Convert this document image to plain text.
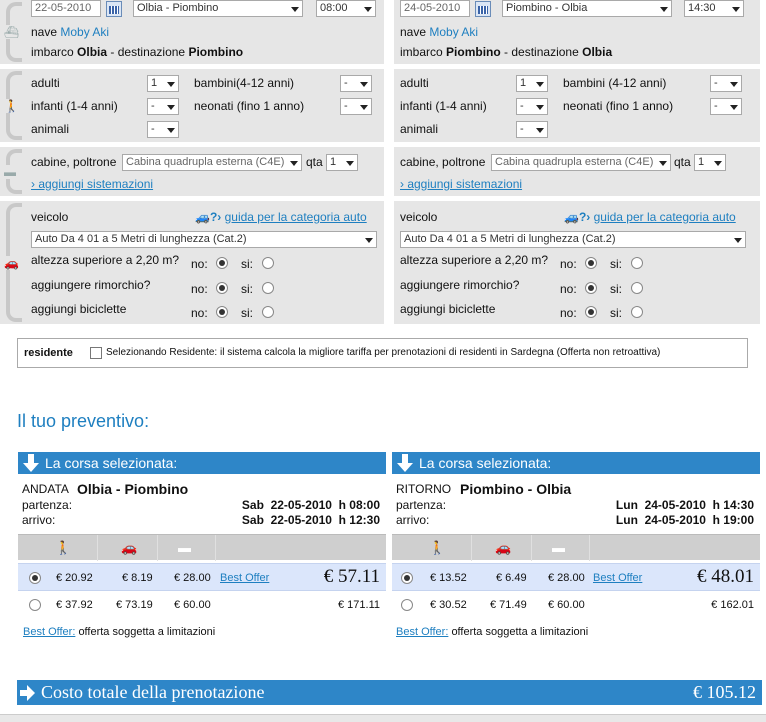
⛴
22-05-2010	Olbia - Piombino	08:00
nave Moby Aki
imbarco Olbia - destinazione Piombino
🚶
adulti	1	bambini(4-12 anni)	-
infanti (1-4 anni)	-	neonati (fino 1 anno)	-
animali	-
▬
cabine, poltrone Cabina quadrupla esterna (C4E)	qta 1
› aggiungi sistemazioni
🚗
veicolo	🚙?› guida per la categoria auto
Auto Da 4 01 a 5 Metri di lunghezza (Cat.2)
altezza superiore a 2,20 m? no:	si:
aggiungere rimorchio?	no:	si:
aggiungi biciclette	no:	si:
24-05-2010	Piombino - Olbia	14:30
nave Moby Aki
imbarco Piombino - destinazione Olbia
adulti	1	bambini (4-12 anni)	-
infanti (1-4 anni)	-	neonati (fino 1 anno)	-
animali	-
cabine, poltrone Cabina quadrupla esterna (C4E)	qta 1
› aggiungi sistemazioni
veicolo	🚙?› guida per la categoria auto
Auto Da 4 01 a 5 Metri di lunghezza (Cat.2)
altezza superiore a 2,20 m? no:	si:
aggiungere rimorchio?	no:	si:
aggiungi biciclette	no:	si:
residente	Selezionando Residente: il sistema calcola la migliore tariffa per prenotazioni di residenti in Sardegna (Offerta non retroattiva)
Il tuo preventivo:
La corsa selezionata:
ANDATA Olbia - Piombino
partenza:	Sab  22-05-2010  h 08:00
arrivo:	Sab  22-05-2010  h 12:30
🚶	🚗	▬
€ 20.92	€ 8.19 € 28.00 Best Offer	€ 57.11
€ 37.92 € 73.19 € 60.00	€ 171.11
Best Offer: offerta soggetta a limitazioni
La corsa selezionata:
RITORNO Piombino - Olbia
partenza:	Lun  24-05-2010  h 14:30
arrivo:	Lun  24-05-2010  h 19:00
🚶	🚗	▬
€ 13.52	€ 6.49 € 28.00 Best Offer	€ 48.01
€ 30.52 € 71.49 € 60.00	€ 162.01
Best Offer: offerta soggetta a limitazioni
Costo totale della prenotazione	€ 105.12
